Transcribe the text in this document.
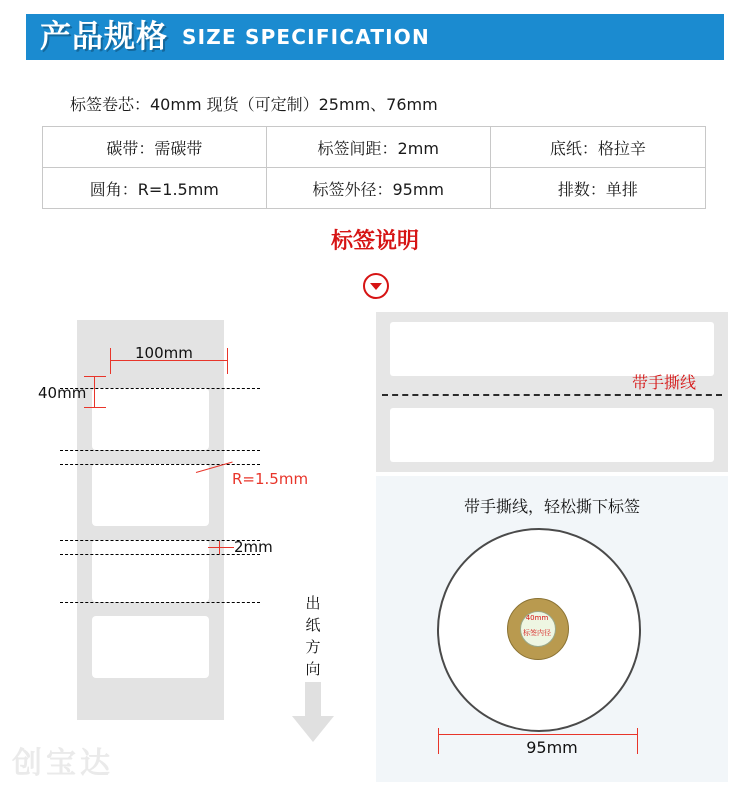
产品规格 SIZE SPECIFICATION
标签卷芯：40mm 现货（可定制）25mm、76mm
碳带：需碳带	标签间距：2mm	底纸：格拉辛
圆角：R=1.5mm	标签外径：95mm	排数：单排
标签说明
100mm
40mm
R=1.5mm
2mm
出
纸
方
向
带手撕线
带手撕线，轻松撕下标签
40mm
标签内径
95mm
创宝达
